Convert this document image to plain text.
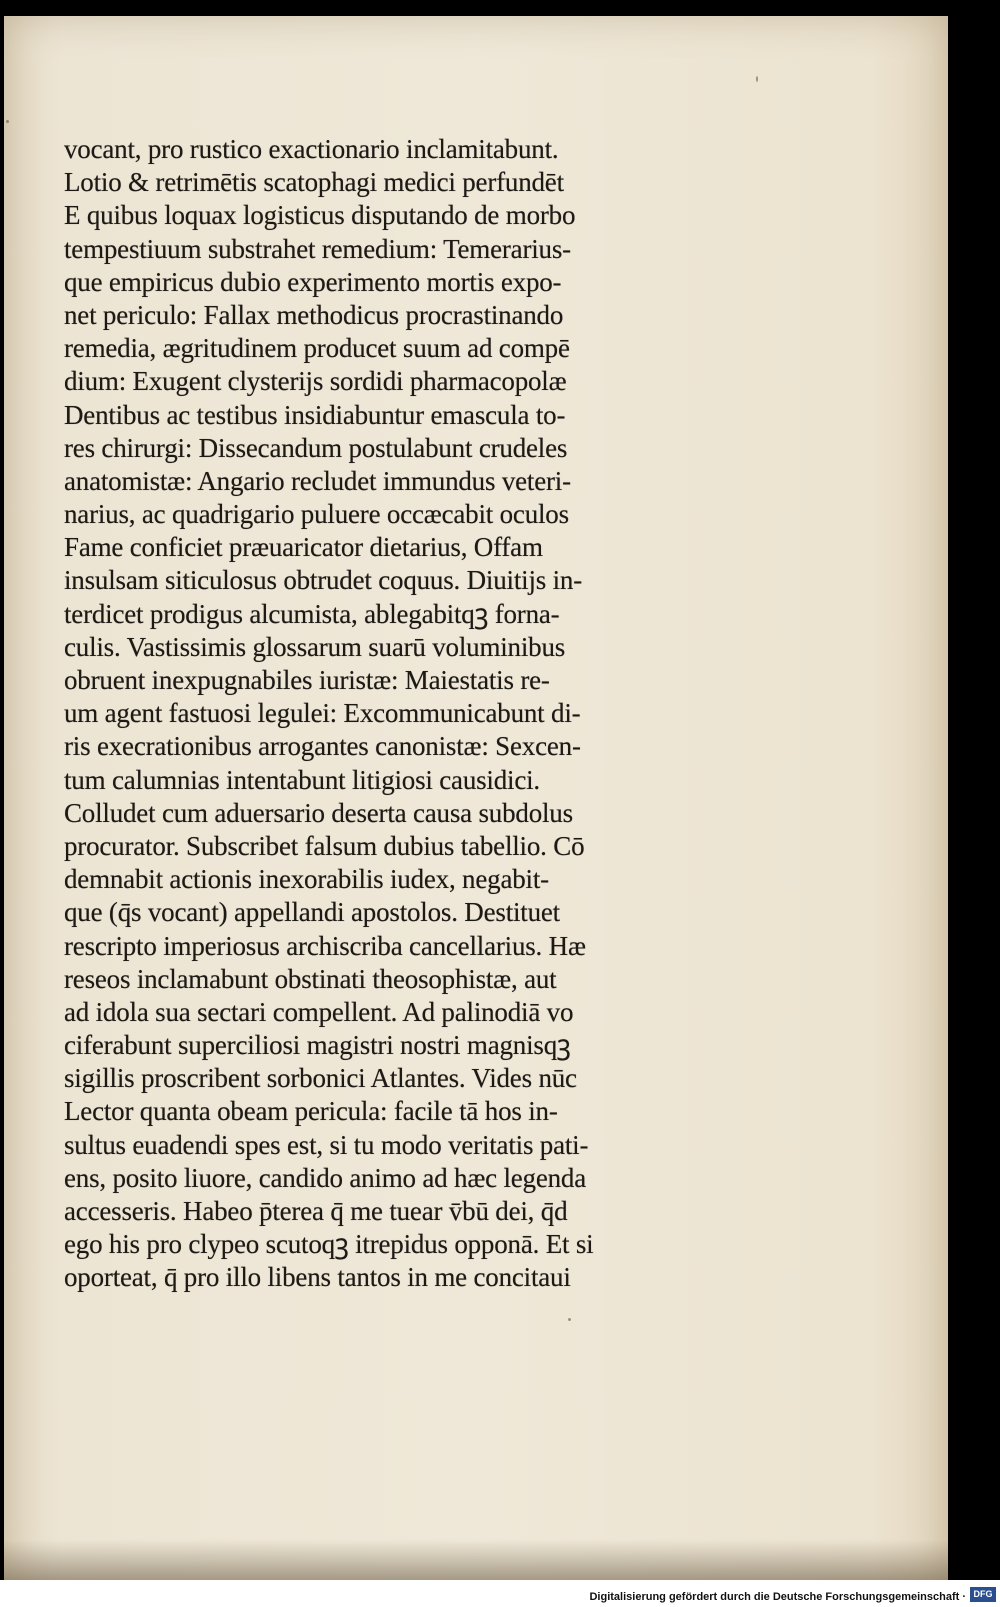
vocant, pro rustico exactionario inclamitabunt.
Lotio & retrimētis scatophagi medici perfundēt
E quibus loquax logisticus disputando de morbo
tempestiuum substrahet remedium: Temerarius-
que empiricus dubio experimento mortis expo-
net periculo: Fallax methodicus procrastinando
remedia, ægritudinem producet suum ad compē
dium: Exugent clysterijs sordidi pharmacopolæ
Dentibus ac testibus insidiabuntur emascula to-
res chirurgi: Dissecandum postulabunt crudeles
anatomistæ: Angario recludet immundus veteri-
narius, ac quadrigario puluere occæcabit oculos
Fame conficiet præuaricator dietarius, Offam
insulsam siticulosus obtrudet coquus. Diuitijs in-
terdicet prodigus alcumista, ablegabitqꝫ forna-
culis. Vastissimis glossarum suarū voluminibus
obruent inexpugnabiles iuristæ: Maiestatis re-
um agent fastuosi legulei: Excommunicabunt di-
ris execrationibus arrogantes canonistæ: Sexcen-
tum calumnias intentabunt litigiosi causidici.
Colludet cum aduersario deserta causa subdolus
procurator. Subscribet falsum dubius tabellio. Cō
demnabit actionis inexorabilis iudex, negabit-
que (q̄s vocant) appellandi apostolos. Destituet
rescripto imperiosus archiscriba cancellarius. Hæ
reseos inclamabunt obstinati theosophistæ, aut
ad idola sua sectari compellent. Ad palinodiā vo
ciferabunt superciliosi magistri nostri magnisqꝫ
sigillis proscribent sorbonici Atlantes. Vides nūc
Lector quanta obeam pericula: facile tā hos in-
sultus euadendi spes est, si tu modo veritatis pati-
ens, posito liuore, candido animo ad hæc legenda
accesseris. Habeo p̄terea q̄ me tuear v̄bū dei, q̄d
ego his pro clypeo scutoqꝫ itrepidus opponā. Et si
oporteat, q̄ pro illo libens tantos in me concitaui
Digitalisierung gefördert durch die Deutsche Forschungsgemeinschaft · DFG
